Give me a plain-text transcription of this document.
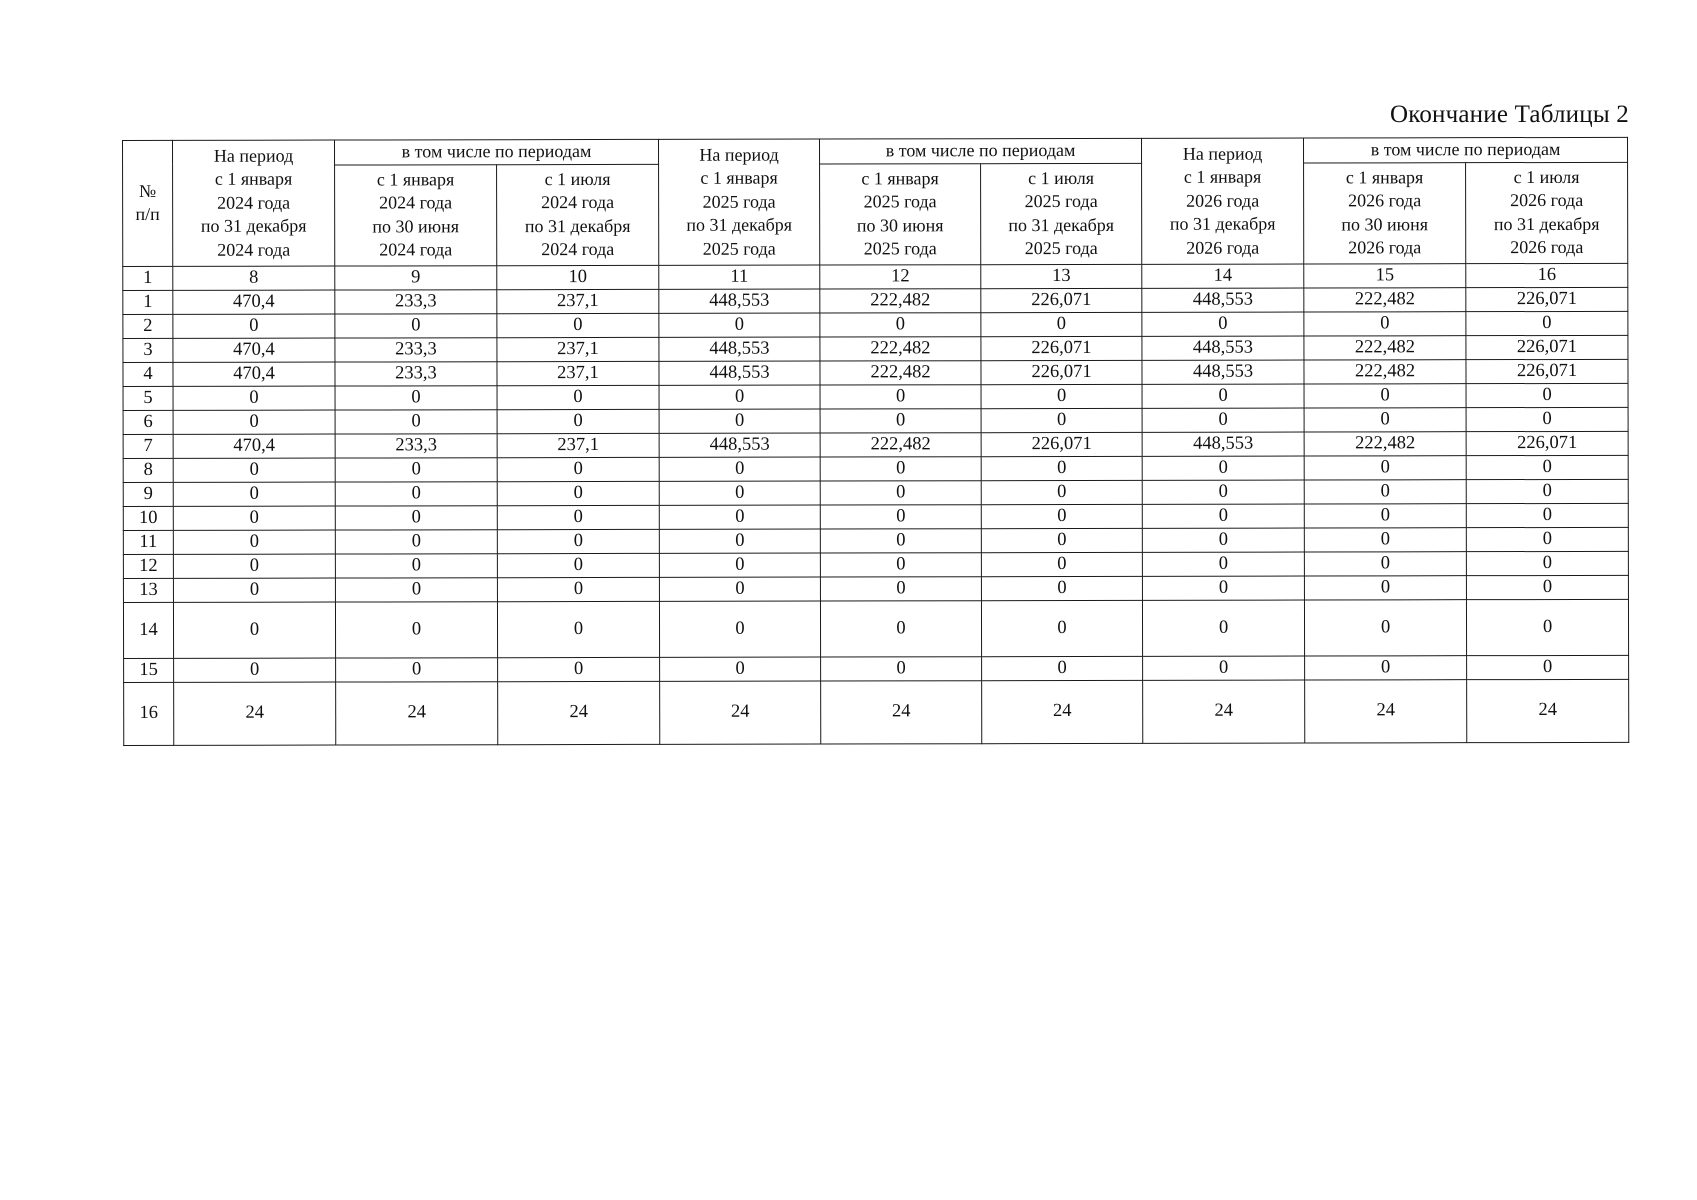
Окончание Таблицы 2
№
п/п	На период
с 1 января
2024 года
по 31 декабря
2024 года	в том числе по периодам		На период
с 1 января
2025 года
по 31 декабря
2025 года	в том числе по периодам		На период
с 1 января
2026 года
по 31 декабря
2026 года	в том числе по периодам	

		с 1 января
2024 года
по 30 июня
2024 года	с 1 июля
2024 года
по 31 декабря
2024 года		с 1 января
2025 года
по 30 июня
2025 года	с 1 июля
2025 года
по 31 декабря
2025 года		с 1 января
2026 года
по 30 июня
2026 года	с 1 июля
2026 года
по 31 декабря
2026 года

1	8	9	10	11	12	13	14	15	16
1	470,4	233,3	237,1	448,553	222,482	226,071	448,553	222,482	226,071
2	0	0	0	0	0	0	0	0	0
3	470,4	233,3	237,1	448,553	222,482	226,071	448,553	222,482	226,071
4	470,4	233,3	237,1	448,553	222,482	226,071	448,553	222,482	226,071
5	0	0	0	0	0	0	0	0	0
6	0	0	0	0	0	0	0	0	0
7	470,4	233,3	237,1	448,553	222,482	226,071	448,553	222,482	226,071
8	0	0	0	0	0	0	0	0	0
9	0	0	0	0	0	0	0	0	0
10	0	0	0	0	0	0	0	0	0
11	0	0	0	0	0	0	0	0	0
12	0	0	0	0	0	0	0	0	0
13	0	0	0	0	0	0	0	0	0
14	0	0	0	0	0	0	0	0	0
15	0	0	0	0	0	0	0	0	0
16	24	24	24	24	24	24	24	24	24
